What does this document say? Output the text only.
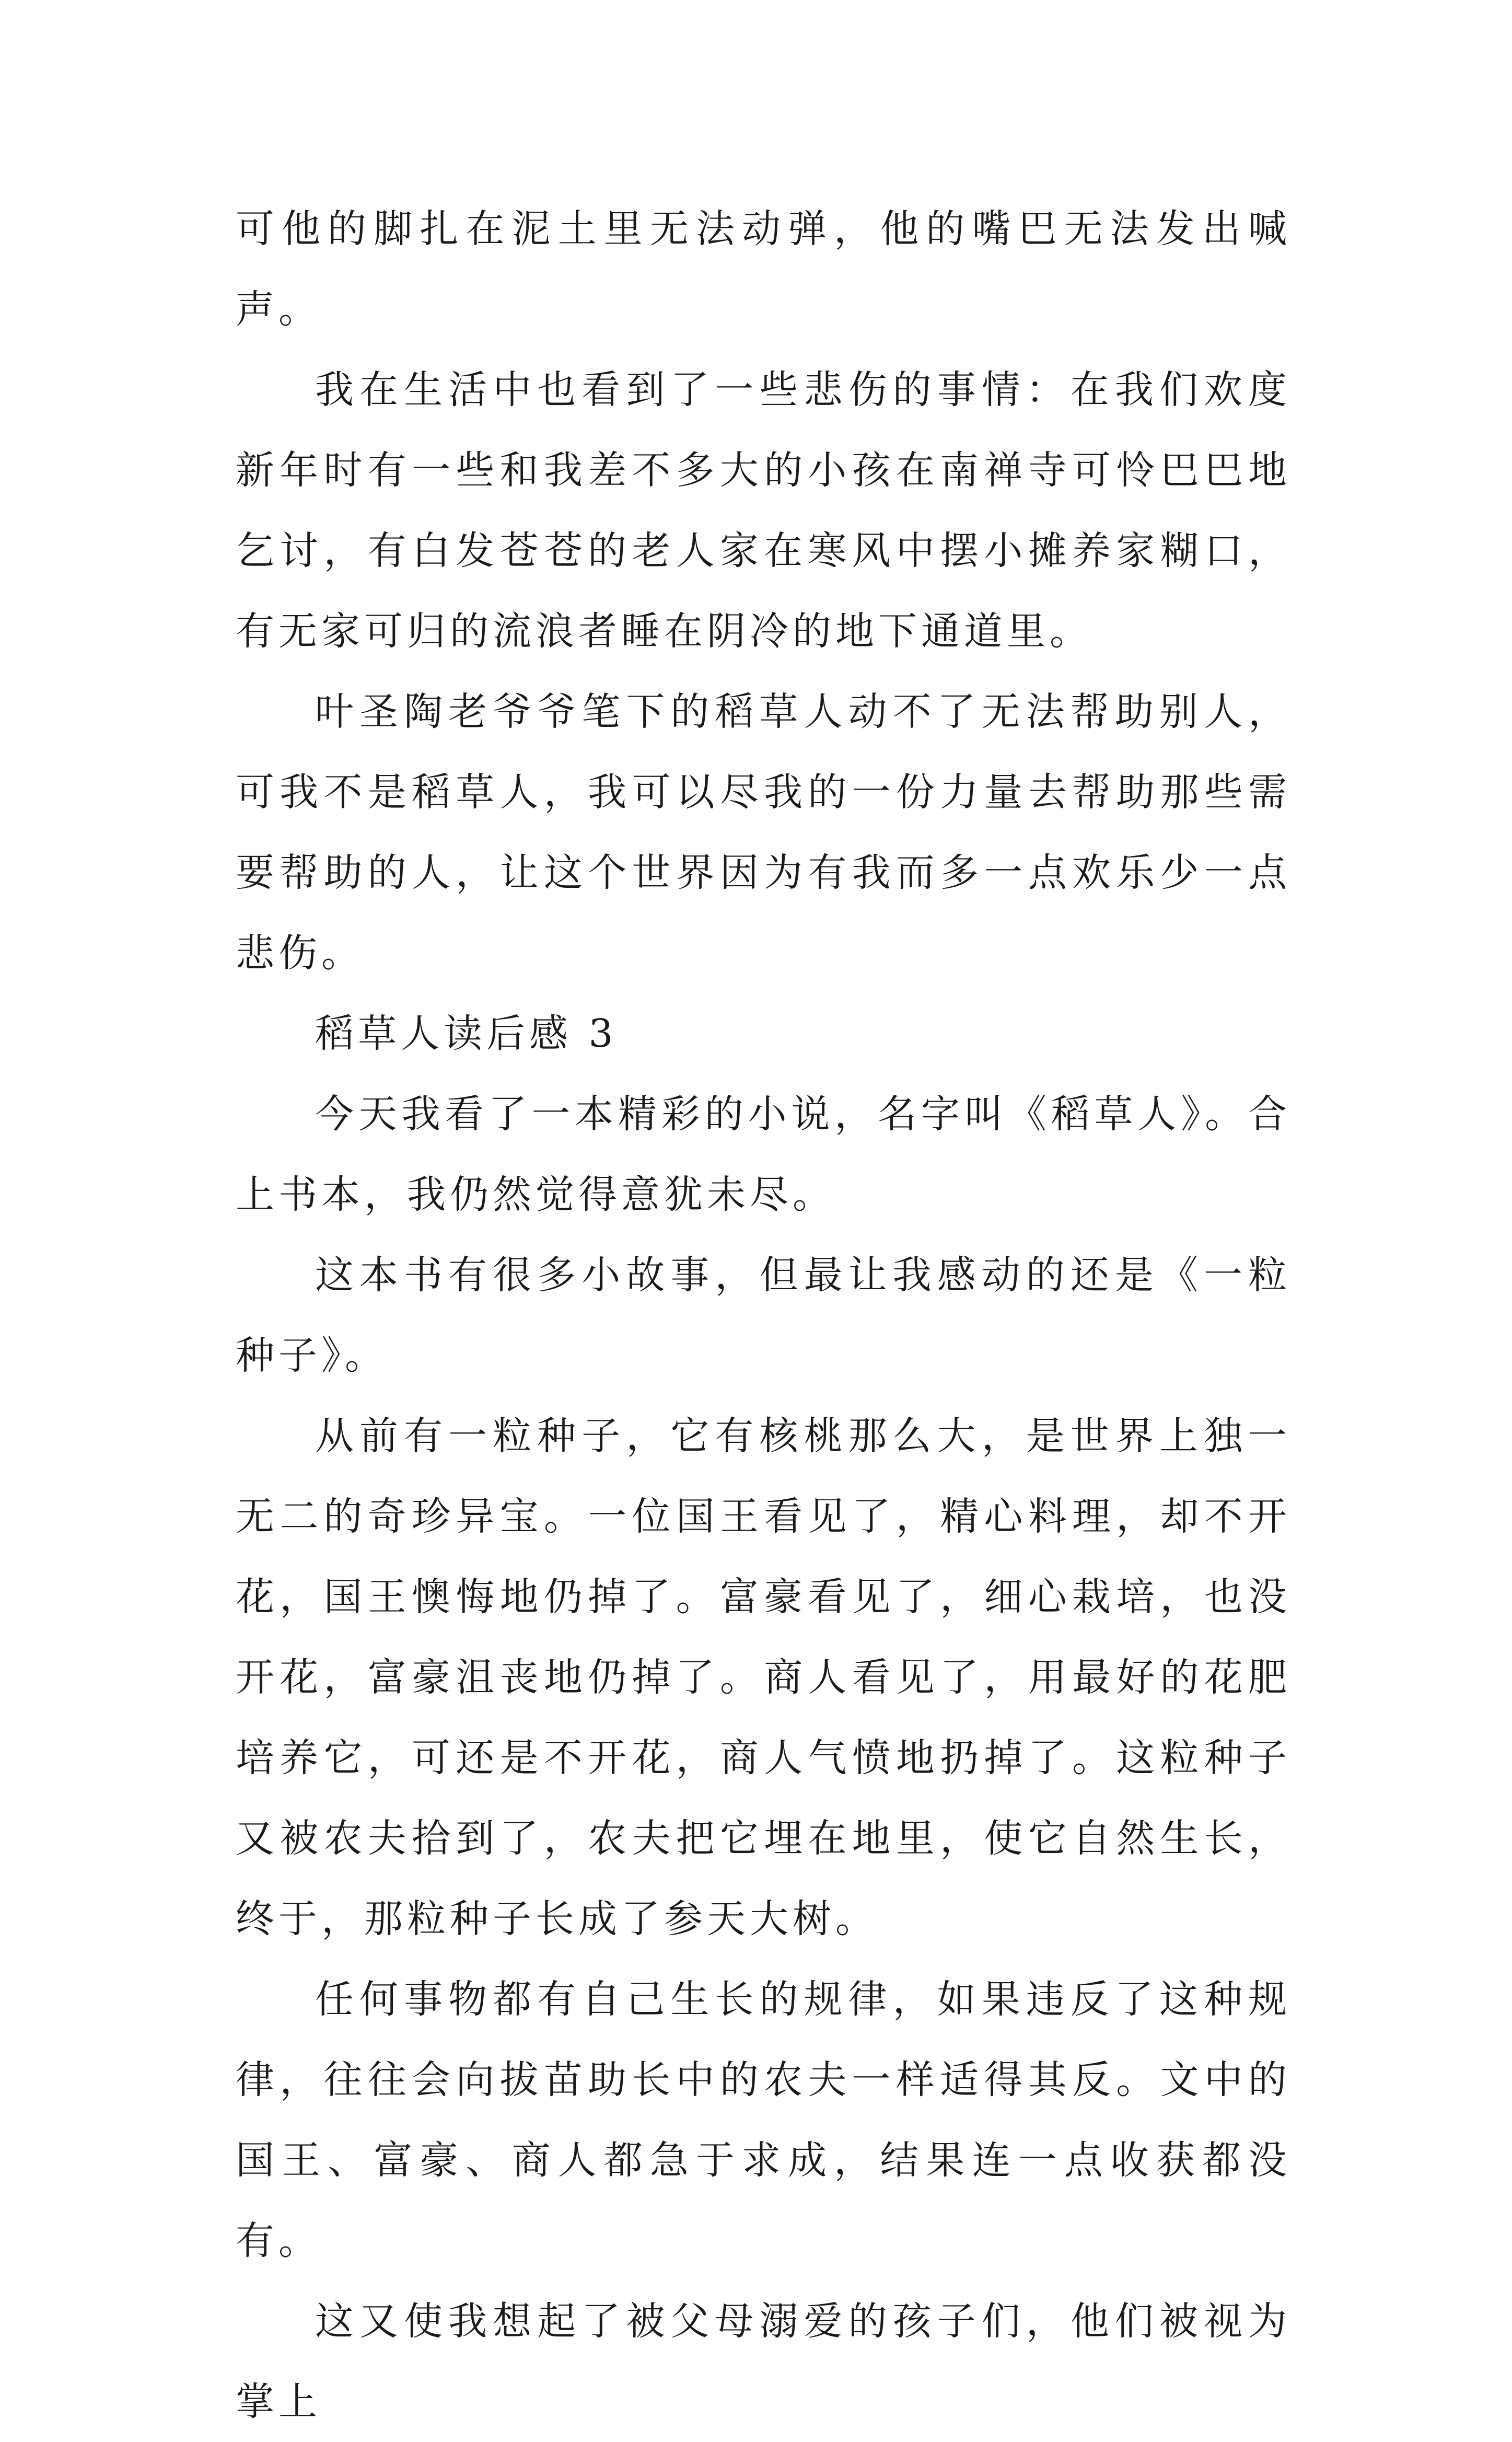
可他的脚扎在泥土里无法动弹，他的嘴巴无法发出喊声。

我在生活中也看到了一些悲伤的事情：在我们欢度新年时有一些和我差不多大的小孩在南禅寺可怜巴巴地乞讨，有白发苍苍的老人家在寒风中摆小摊养家糊口，有无家可归的流浪者睡在阴冷的地下通道里。

叶圣陶老爷爷笔下的稻草人动不了无法帮助别人，可我不是稻草人，我可以尽我的一份力量去帮助那些需要帮助的人，让这个世界因为有我而多一点欢乐少一点悲伤。

稻草人读后感 3

今天我看了一本精彩的小说，名字叫《稻草人》。合上书本，我仍然觉得意犹未尽。

这本书有很多小故事，但最让我感动的还是《一粒种子》。

从前有一粒种子，它有核桃那么大，是世界上独一无二的奇珍异宝。一位国王看见了，精心料理，却不开花，国王懊悔地仍掉了。富豪看见了，细心栽培，也没开花，富豪沮丧地仍掉了。商人看见了，用最好的花肥培养它，可还是不开花，商人气愤地扔掉了。这粒种子又被农夫拾到了，农夫把它埋在地里，使它自然生长，终于，那粒种子长成了参天大树。

任何事物都有自己生长的规律，如果违反了这种规律，往往会向拔苗助长中的农夫一样适得其反。文中的国王、富豪、商人都急于求成，结果连一点收获都没有。

这又使我想起了被父母溺爱的孩子们，他们被视为掌上
